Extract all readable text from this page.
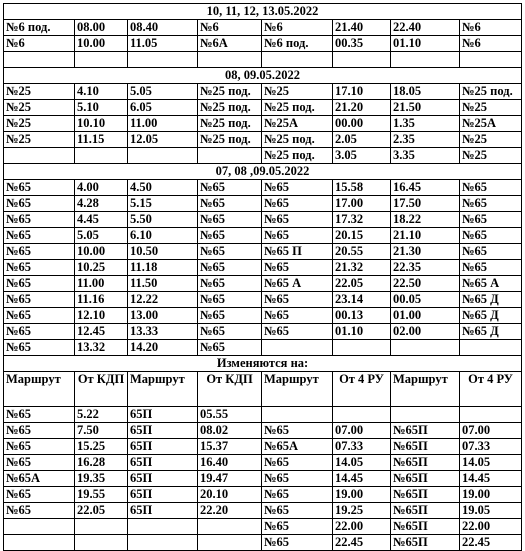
10, 11, 12, 13.05.2022							
№6 под.	08.00	08.40	№6	№6	21.40	22.40	№6
№6	10.00	11.05	№6А	№6 под.	00.35	01.10	№6

08, 09.05.2022							
№25	4.10	5.05	№25 под.	№25	17.10	18.05	№25 под.
№25	5.10	6.05	№25 под.	№25 под.	21.20	21.50	№25
№25	10.10	11.00	№25 под.	№25А	00.00	1.35	№25А
№25	11.15	12.05	№25 под.	№25 под.	2.05	2.35	№25
				№25 под.	3.05	3.35	№25
07, 08 ,09.05.2022							
№65	4.00	4.50	№65	№65	15.58	16.45	№65
№65	4.28	5.15	№65	№65	17.00	17.50	№65
№65	4.45	5.50	№65	№65	17.32	18.22	№65
№65	5.05	6.10	№65	№65	20.15	21.10	№65
№65	10.00	10.50	№65	№65 П	20.55	21.30	№65
№65	10.25	11.18	№65	№65	21.32	22.35	№65
№65	11.00	11.50	№65	№65 А	22.05	22.50	№65 А
№65	11.16	12.22	№65	№65	23.14	00.05	№65 Д
№65	12.10	13.00	№65	№65	00.13	01.00	№65 Д
№65	12.45	13.33	№65	№65	01.10	02.00	№65 Д
№65	13.32	14.20	№65				
Изменяются на:							
Маршрут	От КДП	Маршрут	От КДП	Маршрут	От 4 РУ	Маршрут	От 4 РУ
№65	5.22	65П	05.55				
№65	7.50	65П	08.02	№65	07.00	№65П	07.00
№65	15.25	65П	15.37	№65А	07.33	№65П	07.33
№65	16.28	65П	16.40	№65	14.05	№65П	14.05
№65А	19.35	65П	19.47	№65	14.45	№65П	14.45
№65	19.55	65П	20.10	№65	19.00	№65П	19.00
№65	22.05	65П	22.20	№65	19.25	№65П	19.05
				№65	22.00	№65П	22.00
				№65	22.45	№65П	22.45
